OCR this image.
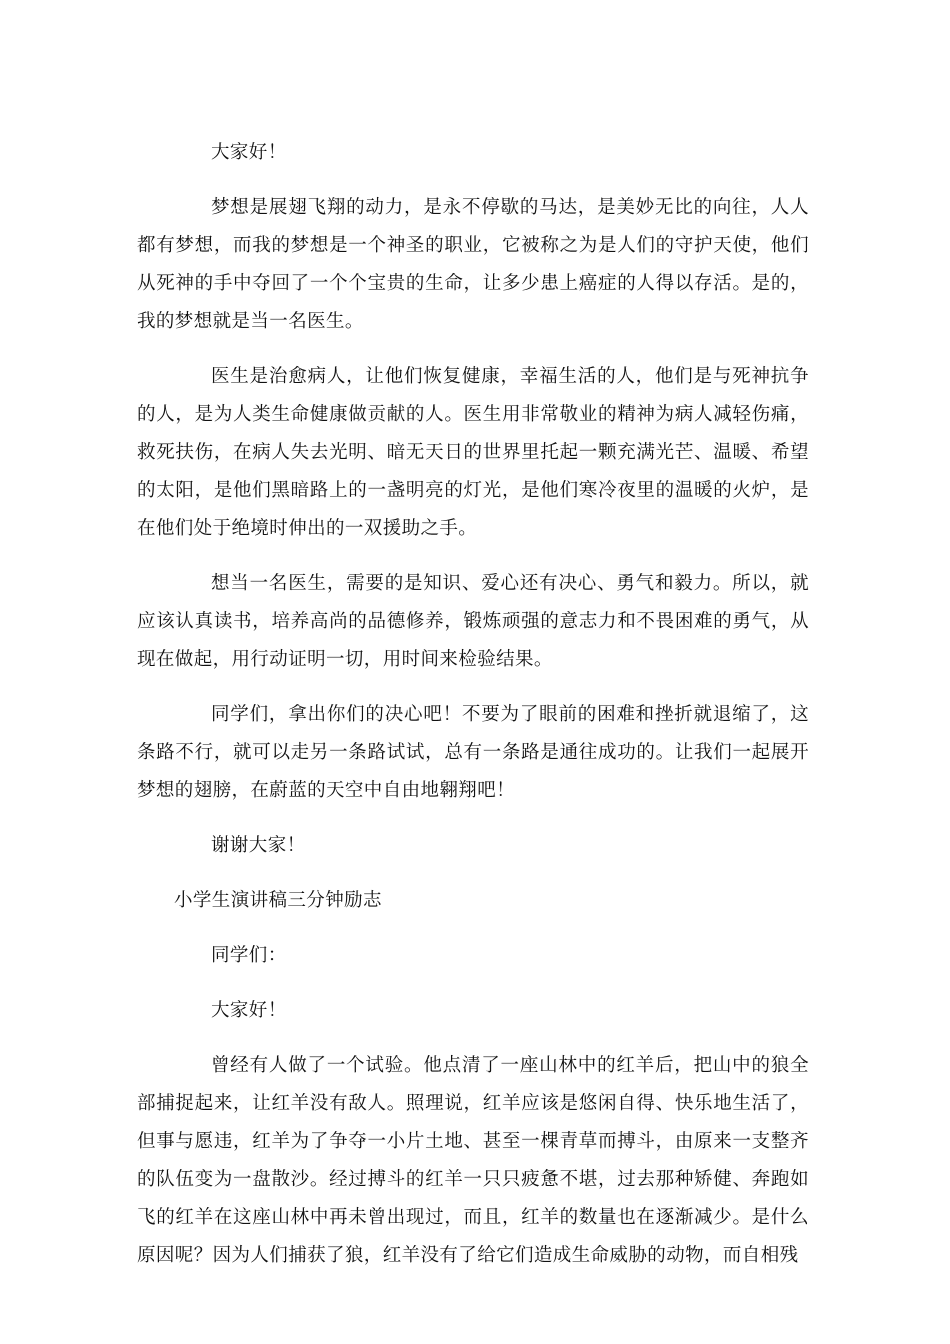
大家好！

梦想是展翅飞翔的动力，是永不停歇的马达，是美妙无比的向往，人人都有梦想，而我的梦想是一个神圣的职业，它被称之为是人们的守护天使，他们从死神的手中夺回了一个个宝贵的生命，让多少患上癌症的人得以存活。是的，我的梦想就是当一名医生。

医生是治愈病人，让他们恢复健康，幸福生活的人，他们是与死神抗争的人，是为人类生命健康做贡献的人。医生用非常敬业的精神为病人减轻伤痛，救死扶伤，在病人失去光明、暗无天日的世界里托起一颗充满光芒、温暖、希望的太阳，是他们黑暗路上的一盏明亮的灯光，是他们寒冷夜里的温暖的火炉，是在他们处于绝境时伸出的一双援助之手。

想当一名医生，需要的是知识、爱心还有决心、勇气和毅力。所以，就应该认真读书，培养高尚的品德修养，锻炼顽强的意志力和不畏困难的勇气，从现在做起，用行动证明一切，用时间来检验结果。

同学们，拿出你们的决心吧！不要为了眼前的困难和挫折就退缩了，这条路不行，就可以走另一条路试试，总有一条路是通往成功的。让我们一起展开梦想的翅膀，在蔚蓝的天空中自由地翱翔吧！

谢谢大家！

小学生演讲稿三分钟励志

同学们：

大家好！

曾经有人做了一个试验。他点清了一座山林中的红羊后，把山中的狼全部捕捉起来，让红羊没有敌人。照理说，红羊应该是悠闲自得、快乐地生活了，但事与愿违，红羊为了争夺一小片土地、甚至一棵青草而搏斗，由原来一支整齐的队伍变为一盘散沙。经过搏斗的红羊一只只疲惫不堪，过去那种矫健、奔跑如飞的红羊在这座山林中再未曾出现过，而且，红羊的数量也在逐渐减少。是什么原因呢？因为人们捕获了狼，红羊没有了给它们造成生命威胁的动物，而自相残
